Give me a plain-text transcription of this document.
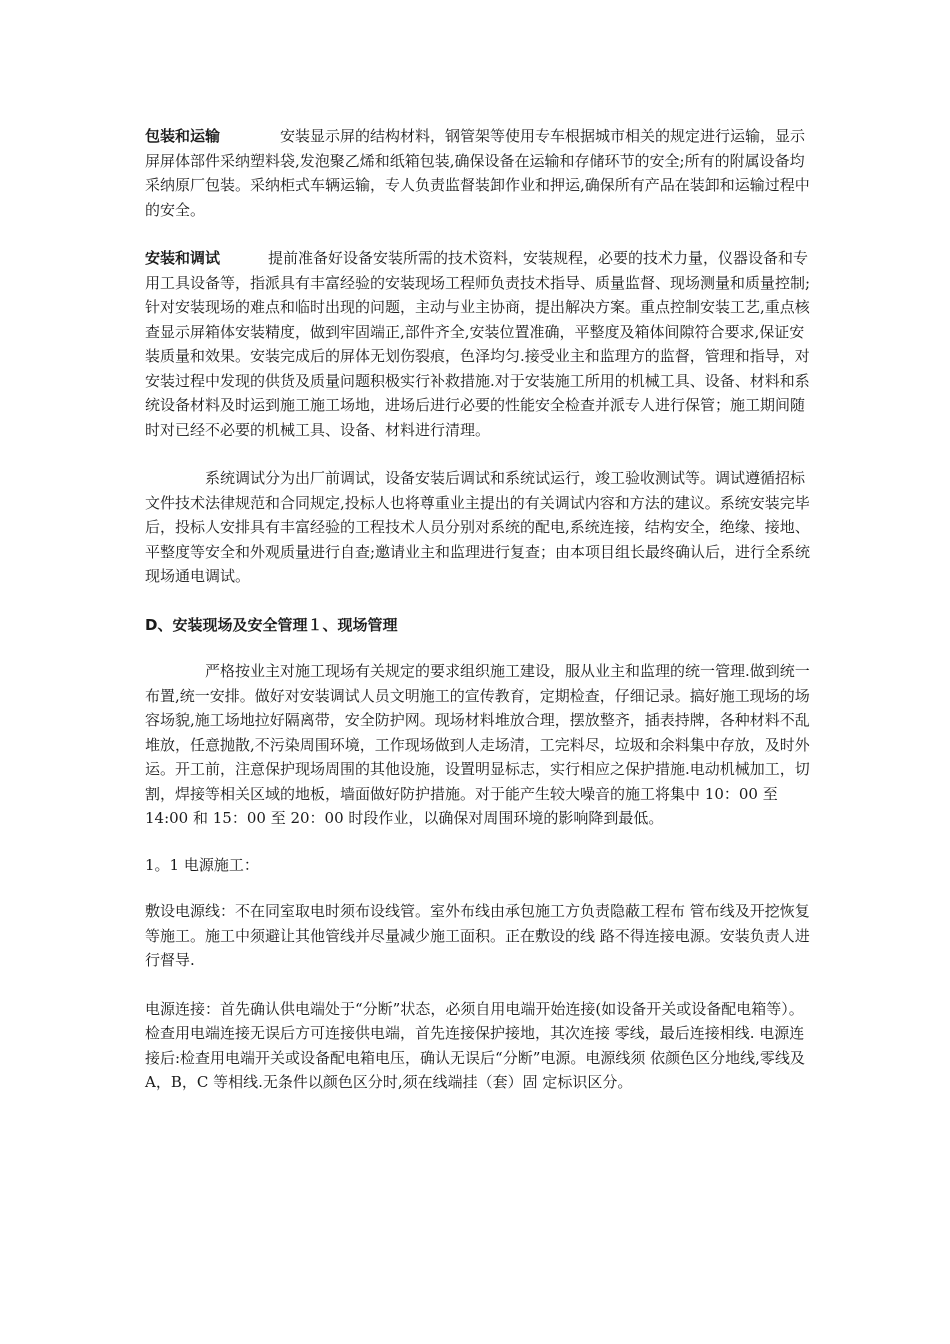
包装和运输	安装显示屏的结构材料，钢管架等使用专车根据城市相关的规定进行运输，显示屏屏体部件采纳塑料袋,发泡聚乙烯和纸箱包装,确保设备在运输和存储环节的安全;所有的附属设备均采纳原厂包装。采纳柜式车辆运输，专人负责监督装卸作业和押运,确保所有产品在装卸和运输过程中的安全。

安装和调试	提前准备好设备安装所需的技术资料，安装规程，必要的技术力量，仪器设备和专用工具设备等，指派具有丰富经验的安装现场工程师负责技术指导、质量监督、现场测量和质量控制;针对安装现场的难点和临时出现的问题，主动与业主协商，提出解决方案。重点控制安装工艺,重点核查显示屏箱体安装精度，做到牢固端正,部件齐全,安装位置准确，平整度及箱体间隙符合要求,保证安装质量和效果。安装完成后的屏体无划伤裂痕，色泽均匀.接受业主和监理方的监督，管理和指导，对安装过程中发现的供货及质量问题积极实行补救措施.对于安装施工所用的机械工具、设备、材料和系统设备材料及时运到施工施工场地，进场后进行必要的性能安全检查并派专人进行保管；施工期间随时对已经不必要的机械工具、设备、材料进行清理。

系统调试分为出厂前调试，设备安装后调试和系统试运行，竣工验收测试等。调试遵循招标文件技术法律规范和合同规定,投标人也将尊重业主提出的有关调试内容和方法的建议。系统安装完毕后，投标人安排具有丰富经验的工程技术人员分别对系统的配电,系统连接，结构安全，绝缘、接地、平整度等安全和外观质量进行自查;邀请业主和监理进行复查；由本项目组长最终确认后，进行全系统现场通电调试。

D、安装现场及安全管理１、现场管理

严格按业主对施工现场有关规定的要求组织施工建设，服从业主和监理的统一管理.做到统一布置,统一安排。做好对安装调试人员文明施工的宣传教育，定期检查，仔细记录。搞好施工现场的场容场貌,施工场地拉好隔离带，安全防护网。现场材料堆放合理，摆放整齐，插表持牌，各种材料不乱堆放，任意抛散,不污染周围环境，工作现场做到人走场清，工完料尽，垃圾和余料集中存放，及时外运。开工前，注意保护现场周围的其他设施，设置明显标志，实行相应之保护措施.电动机械加工，切割，焊接等相关区域的地板，墙面做好防护措施。对于能产生较大噪音的施工将集中 10：00 至 14:00 和 15：00 至 20：00 时段作业，以确保对周围环境的影响降到最低。

1。1 电源施工：

敷设电源线：不在同室取电时须布设线管。室外布线由承包施工方负责隐蔽工程布 管布线及开挖恢复等施工。施工中须避让其他管线并尽量减少施工面积。正在敷设的线 路不得连接电源。安装负责人进行督导.

电源连接：首先确认供电端处于“分断”状态，必须自用电端开始连接(如设备开关或设备配电箱等）。检查用电端连接无误后方可连接供电端，首先连接保护接地，其次连接 零线，最后连接相线. 电源连接后:检查用电端开关或设备配电箱电压，确认无误后“分断”电源。电源线须 依颜色区分地线,零线及 A，B，C 等相线.无条件以颜色区分时,须在线端挂（套）固 定标识区分。
